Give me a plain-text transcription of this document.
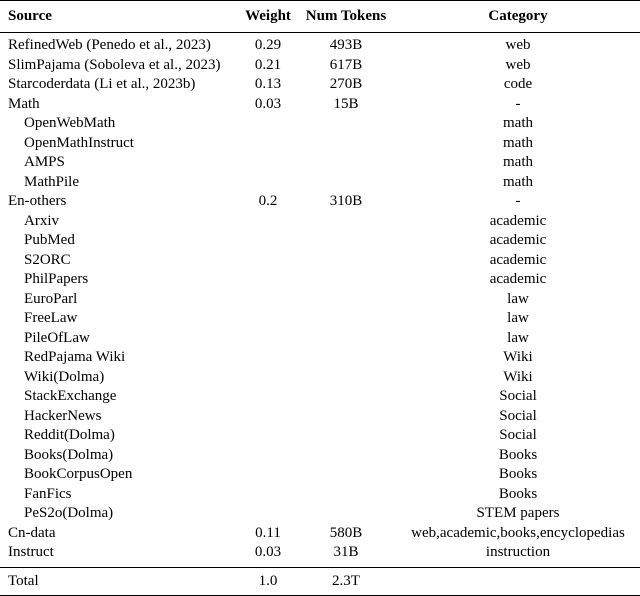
Source	Weight	Num Tokens	Category
RefinedWeb (Penedo et al., 2023)	0.29	493B	web
SlimPajama (Soboleva et al., 2023)	0.21	617B	web
Starcoderdata (Li et al., 2023b)	0.13	270B	code
Math	0.03	15B	-
OpenWebMath			math
OpenMathInstruct			math
AMPS			math
MathPile			math
En-others	0.2	310B	-
Arxiv			academic
PubMed			academic
S2ORC			academic
PhilPapers			academic
EuroParl			law
FreeLaw			law
PileOfLaw			law
RedPajama Wiki			Wiki
Wiki(Dolma)			Wiki
StackExchange			Social
HackerNews			Social
Reddit(Dolma)			Social
Books(Dolma)			Books
BookCorpusOpen			Books
FanFics			Books
PeS2o(Dolma)			STEM papers
Cn-data	0.11	580B	web,academic,books,encyclopedias
Instruct	0.03	31B	instruction
Total	1.0	2.3T	
